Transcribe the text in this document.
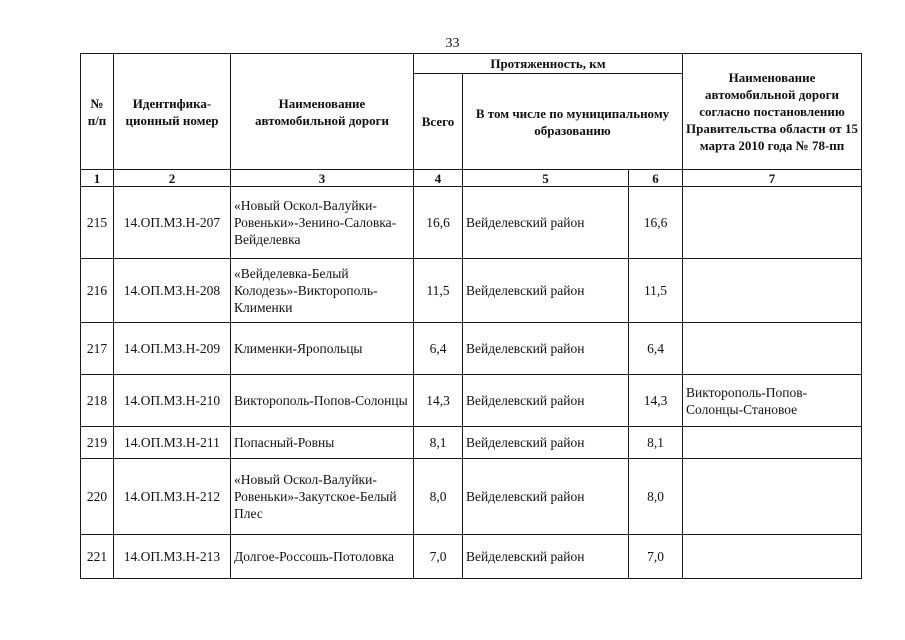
33
№ п/п	Идентифика-ционный номер	Наименование автомобильной дороги	Протяженность, км			Наименование автомобильной дороги согласно постановлению Правительства области от 15 марта 2010 года № 78-пп
			Всего	В том числе по муниципальному образованию		
1	2	3	4	5	6	7
215	14.ОП.МЗ.Н-207	«Новый Оскол-Валуйки-Ровеньки»-Зенино-Саловка-Вейделевка	16,6	Вейделевский район	16,6	
216	14.ОП.МЗ.Н-208	«Вейделевка-Белый Колодезь»-Викторополь-Клименки	11,5	Вейделевский район	11,5	
217	14.ОП.МЗ.Н-209	Клименки-Яропольцы	6,4	Вейделевский район	6,4	
218	14.ОП.МЗ.Н-210	Викторополь-Попов-Солонцы	14,3	Вейделевский район	14,3	Викторополь-Попов-Солонцы-Становое
219	14.ОП.МЗ.Н-211	Попасный-Ровны	8,1	Вейделевский район	8,1	
220	14.ОП.МЗ.Н-212	«Новый Оскол-Валуйки-Ровеньки»-Закутское-Белый Плес	8,0	Вейделевский район	8,0	
221	14.ОП.МЗ.Н-213	Долгое-Россошь-Потоловка	7,0	Вейделевский район	7,0	
